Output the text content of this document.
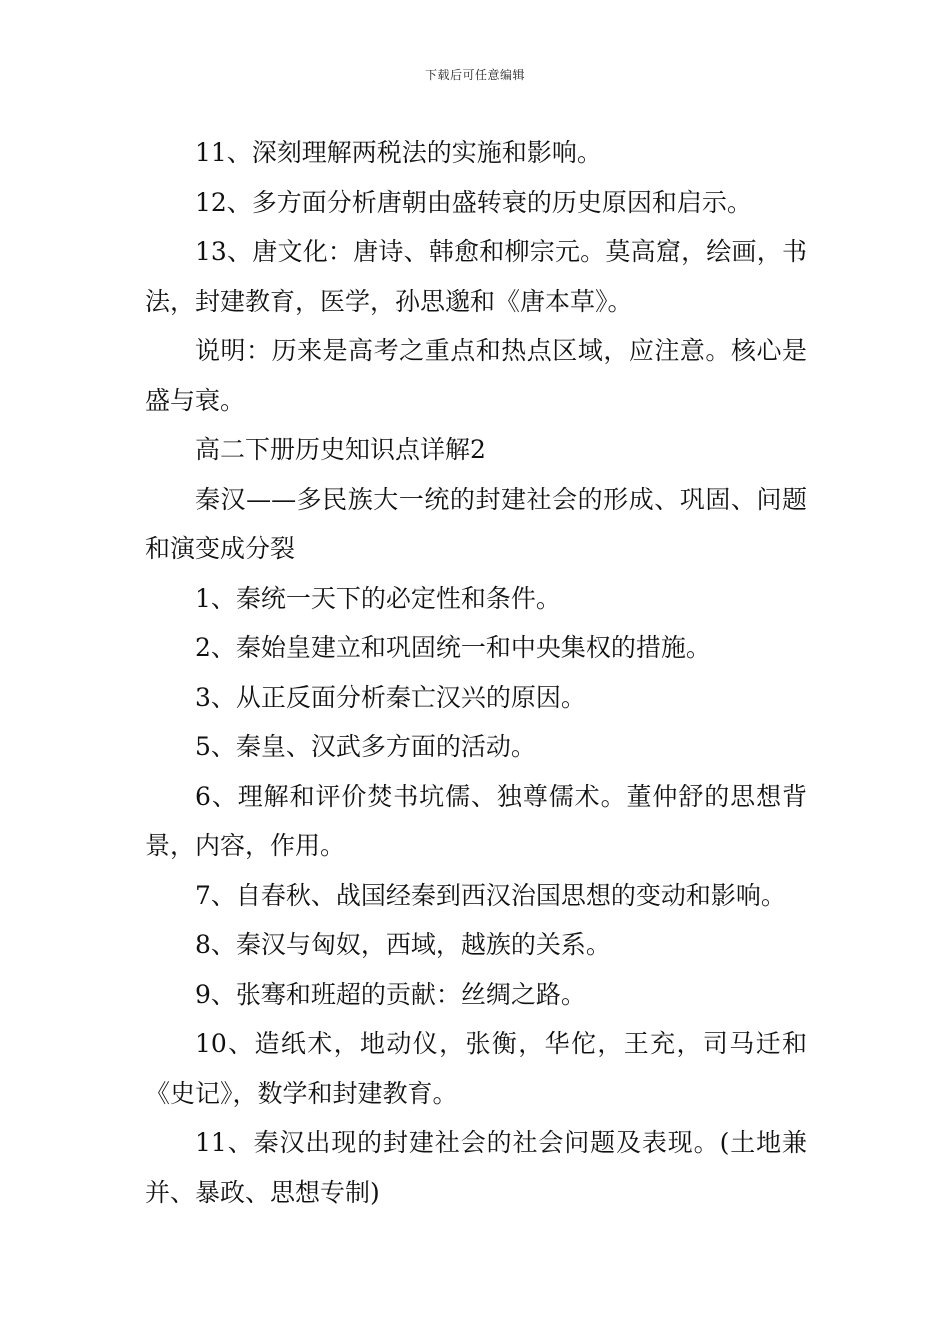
下载后可任意编辑

11、深刻理解两税法的实施和影响。

12、多方面分析唐朝由盛转衰的历史原因和启示。

13、唐文化：唐诗、韩愈和柳宗元。莫高窟，绘画，书法，封建教育，医学，孙思邈和《唐本草》。

说明：历来是高考之重点和热点区域，应注意。核心是盛与衰。

高二下册历史知识点详解2

秦汉——多民族大一统的封建社会的形成、巩固、问题和演变成分裂

1、秦统一天下的必定性和条件。

2、秦始皇建立和巩固统一和中央集权的措施。

3、从正反面分析秦亡汉兴的原因。

5、秦皇、汉武多方面的活动。

6、理解和评价焚书坑儒、独尊儒术。董仲舒的思想背景，内容，作用。

7、自春秋、战国经秦到西汉治国思想的变动和影响。

8、秦汉与匈奴，西域，越族的关系。

9、张骞和班超的贡献：丝绸之路。

10、造纸术，地动仪，张衡，华佗，王充，司马迁和《史记》，数学和封建教育。

11、秦汉出现的封建社会的社会问题及表现。(土地兼并、暴政、思想专制)
